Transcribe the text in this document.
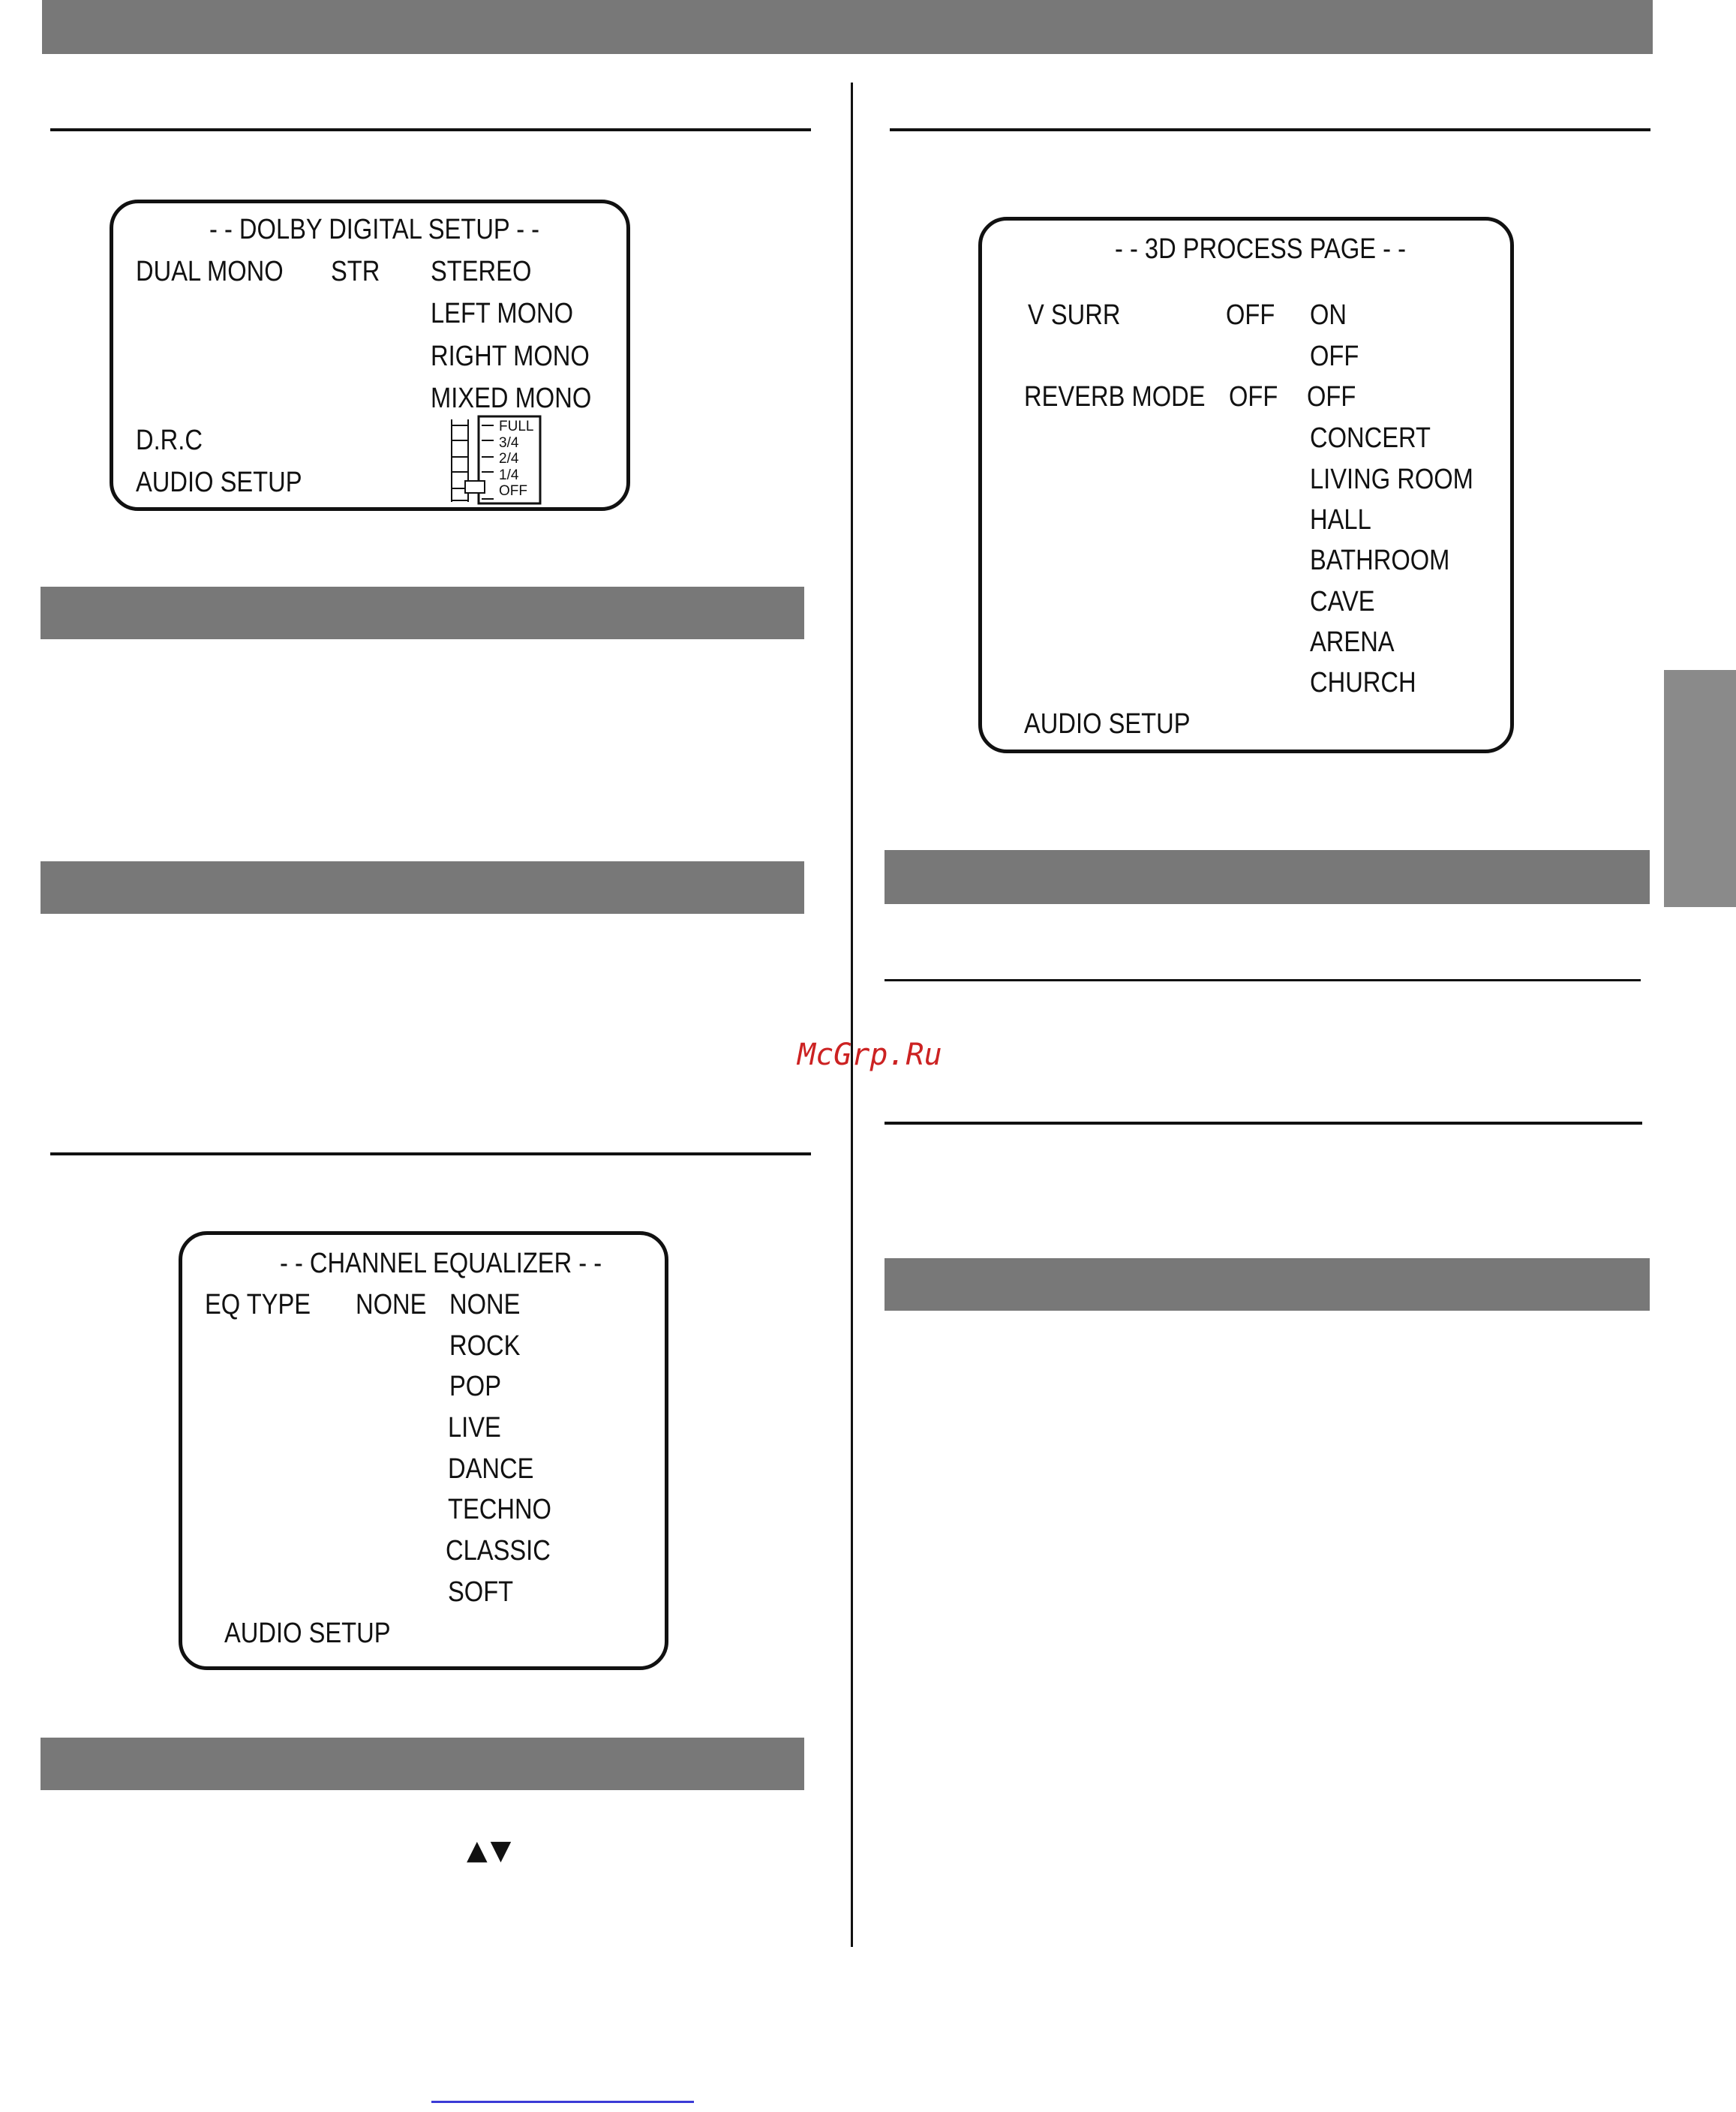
- - DOLBY DIGITAL SETUP - -
DUAL MONO STR STEREO
LEFT MONO
RIGHT MONO
MIXED MONO
D.R.C
AUDIO SETUP
FULL
3/4
2/4
1/4
OFF
- - CHANNEL EQUALIZER - -
EQ TYPE NONE NONE
ROCK
POP
LIVE
DANCE
TECHNO
CLASSIC
SOFT
AUDIO SETUP
- - 3D PROCESS PAGE - -
V SURR	OFF ON
OFF
REVERB MODE OFF OFF
CONCERT
LIVING ROOM
HALL
BATHROOM
CAVE
ARENA
CHURCH
AUDIO SETUP
▲▼
McGrp.Ru
